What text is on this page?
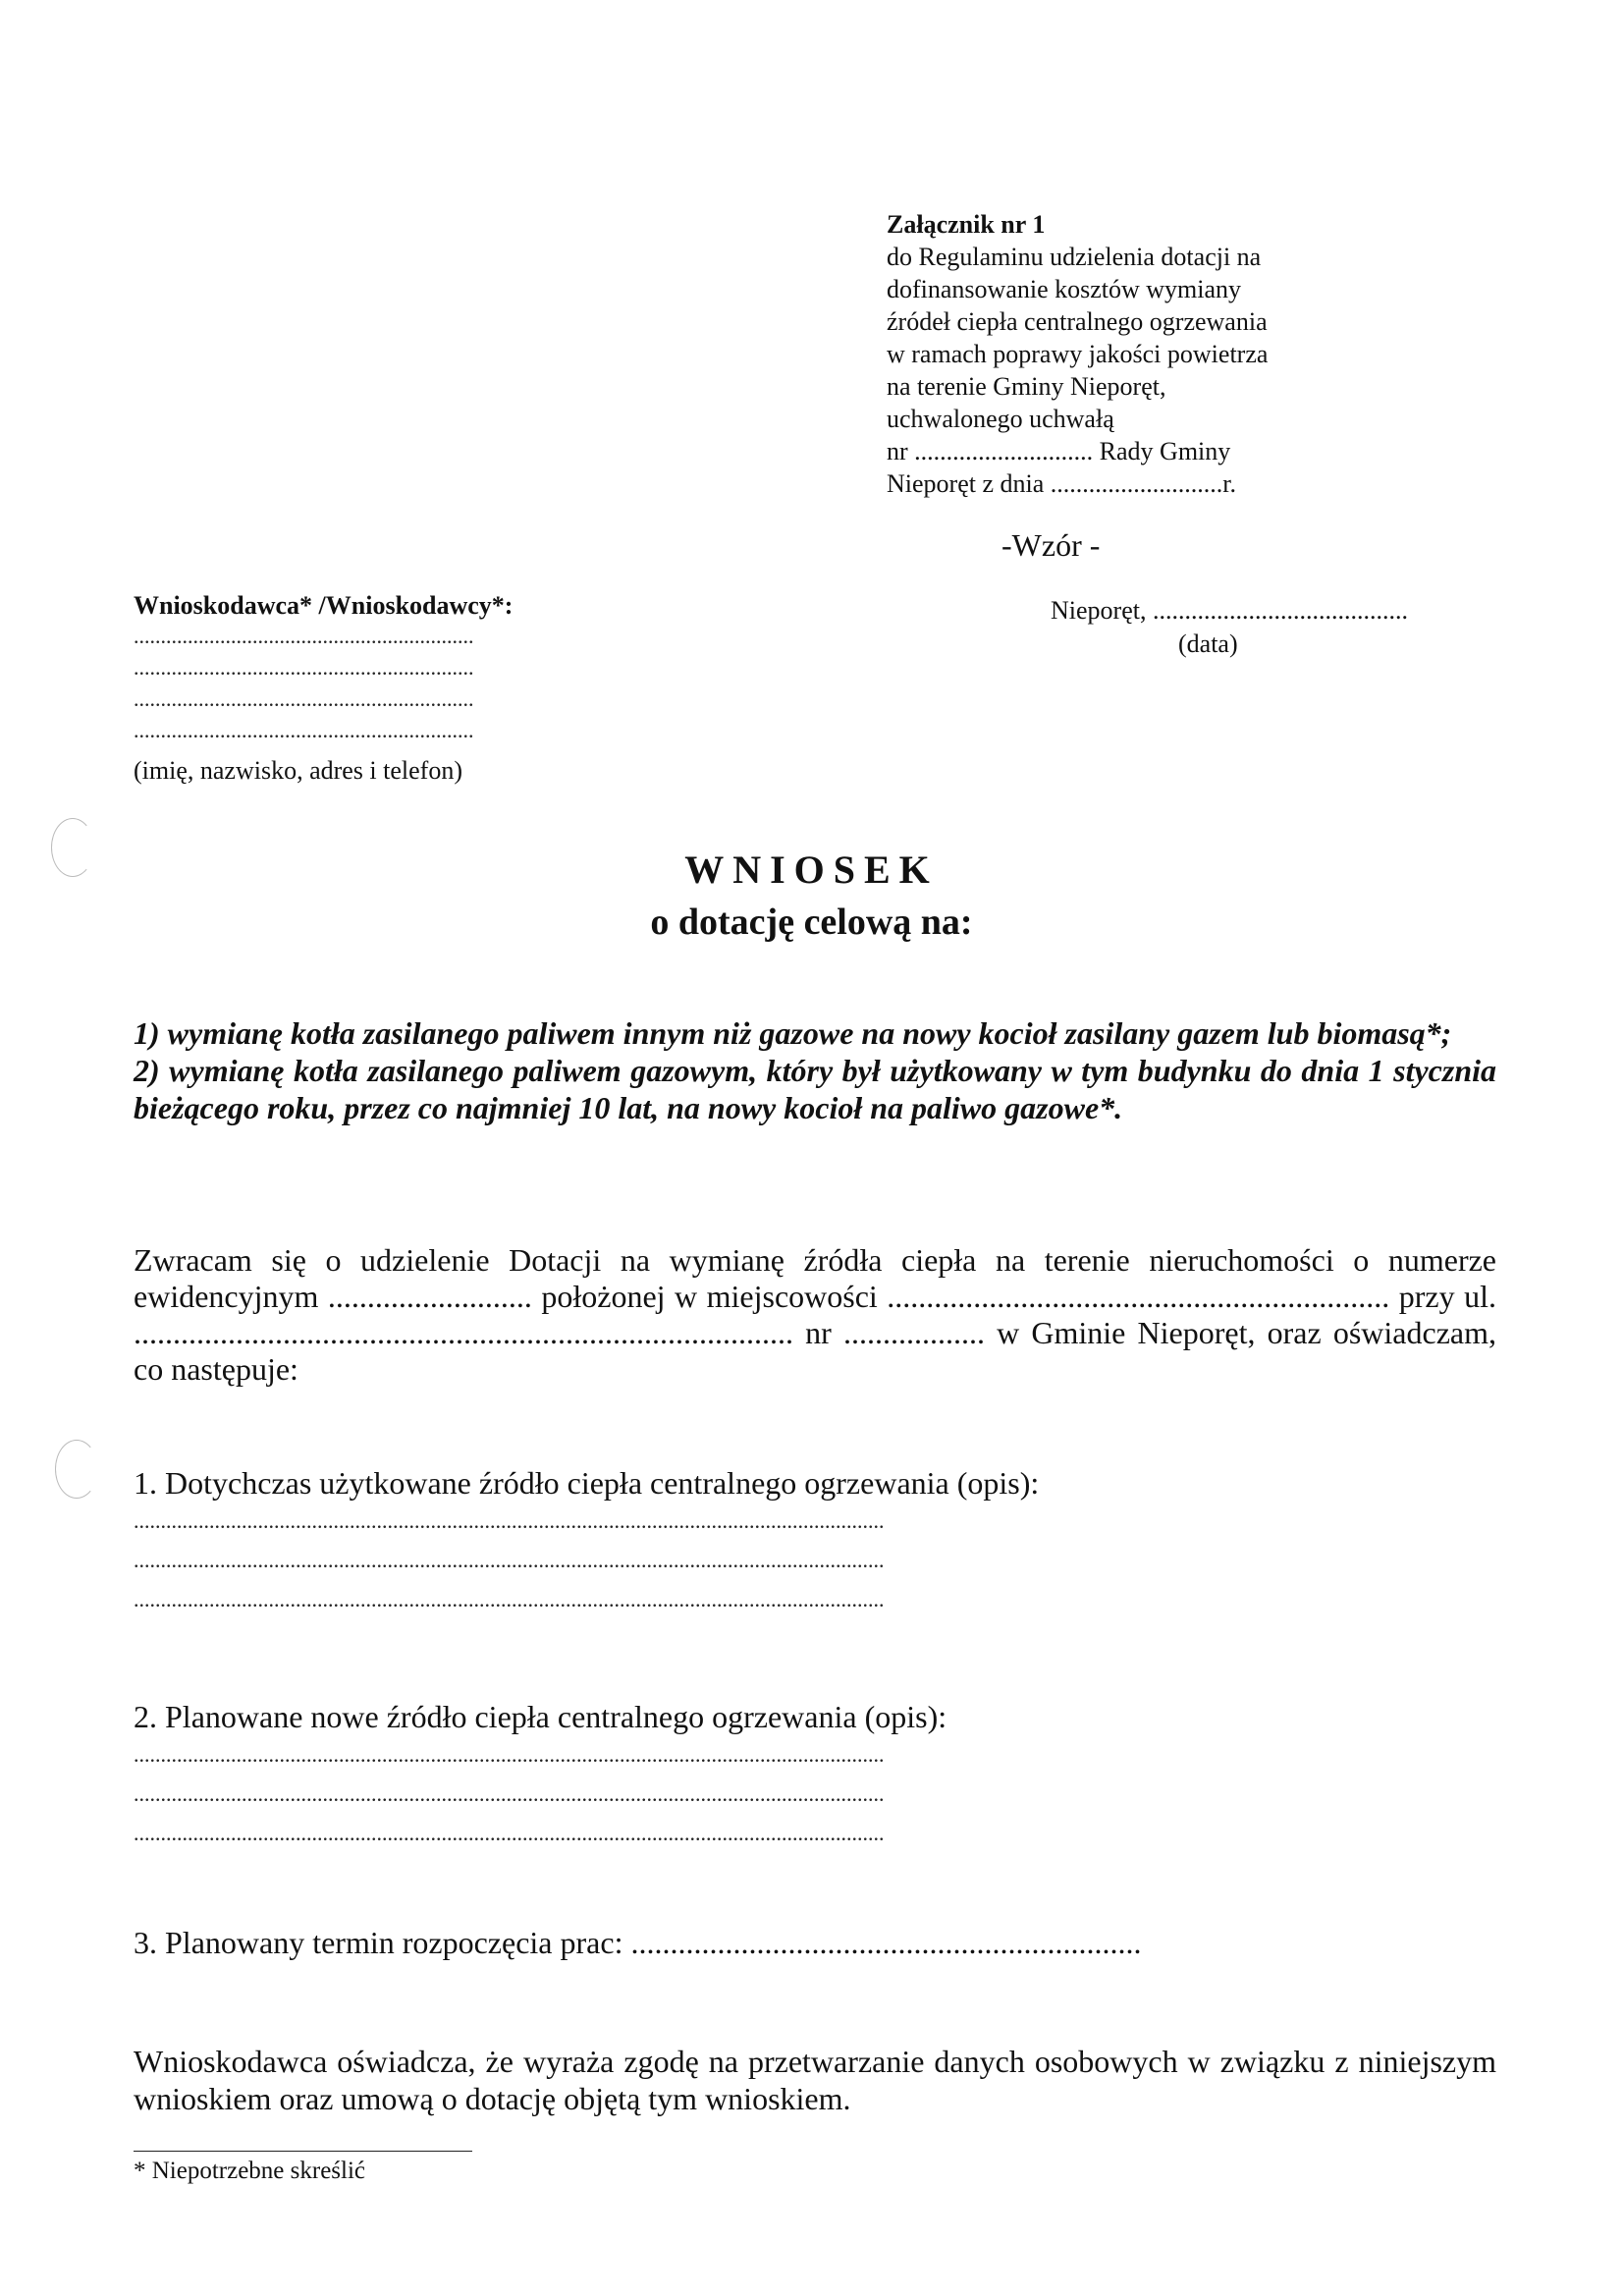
Załącznik nr 1
do Regulaminu udzielenia dotacji na
dofinansowanie kosztów wymiany
źródeł ciepła centralnego ogrzewania
w ramach poprawy jakości powietrza
na terenie Gminy Nieporęt,
uchwalonego uchwałą
nr ............................ Rady Gminy
Nieporęt z dnia ...........................r.
-Wzór -
Wnioskodawca* /Wnioskodawcy*:
...............................................................
...............................................................
...............................................................
...............................................................
(imię, nazwisko, adres i telefon)
Nieporęt, ........................................
(data)
WNIOSEK
o dotację celową na:

1) wymianę kotła zasilanego paliwem innym niż gazowe na nowy kocioł zasilany gazem lub biomasą*;

2) wymianę kotła zasilanego paliwem gazowym, który był użytkowany w tym budynku do dnia 1 stycznia bieżącego roku, przez co najmniej 10 lat, na nowy kocioł na paliwo gazowe*.

Zwracam się o udzielenie Dotacji na wymianę źródła ciepła na terenie nieruchomości o numerze ewidencyjnym .......................... położonej w miejscowości ................................................................ przy ul. .................................................................................... nr .................. w Gminie Nieporęt, oraz oświadczam, co następuje:

1. Dotychczas użytkowane źródło ciepła centralnego ogrzewania (opis):
...........................................................................................................................................
...........................................................................................................................................
...........................................................................................................................................
2. Planowane nowe źródło ciepła centralnego ogrzewania (opis):
...........................................................................................................................................
...........................................................................................................................................
...........................................................................................................................................
3. Planowany termin rozpoczęcia prac: .................................................................
Wnioskodawca oświadcza, że wyraża zgodę na przetwarzanie danych osobowych w związku z niniejszym wnioskiem oraz umową o dotację objętą tym wnioskiem.
* Niepotrzebne skreślić
